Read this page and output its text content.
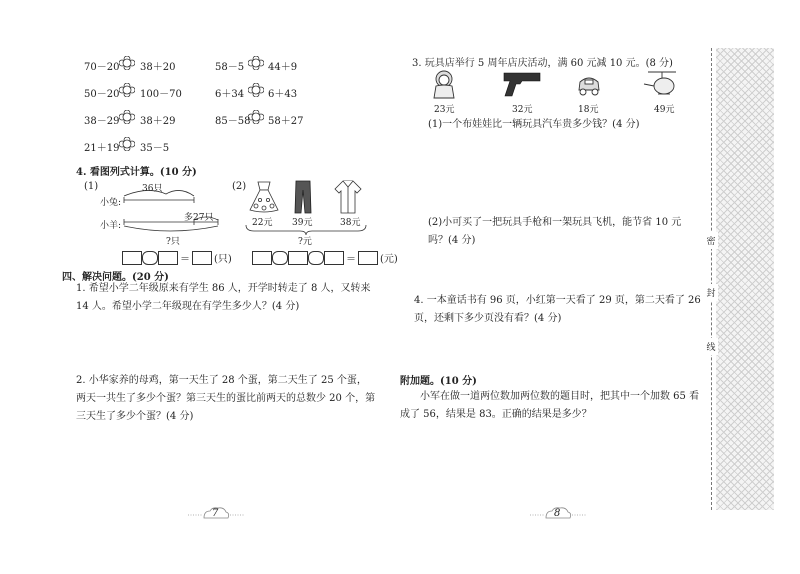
70－20 38＋20	58－5 44＋9
50－20 100－70	6＋34 6＋43
38－29 38＋29	85－58 58＋27
21＋19 35－5
4. 看图列式计算。(10 分)
(1)	36只
小兔:
多27只
小羊:
?只
＝ (只)
(2)
22元 39元	38元
?元
＝ (元)
四、解决问题。(20 分)
1. 希望小学二年级原来有学生 86 人，开学时转走了 8 人，又转来 14 人。希望小学二年级现在有学生多少人？(4 分)
2. 小华家养的母鸡，第一天生了 28 个蛋，第二天生了 25 个蛋，两天一共生了多少个蛋？第三天生的蛋比前两天的总数少 20 个，第三天生了多少个蛋？(4 分)
3. 玩具店举行 5 周年店庆活动，满 60 元减 10 元。(8 分)
23元	32元	18元	49元
(1)一个布娃娃比一辆玩具汽车贵多少钱？(4 分)
(2)小可买了一把玩具手枪和一架玩具飞机，能节省 10 元吗？(4 分)
4. 一本童话书有 96 页，小红第一天看了 29 页，第二天看了 26 页，还剩下多少页没有看？(4 分)
附加题。(10 分)
小军在做一道两位数加两位数的题目时，把其中一个加数 65 看成了 56，结果是 83。正确的结果是多少？
密
封
线
7	8
